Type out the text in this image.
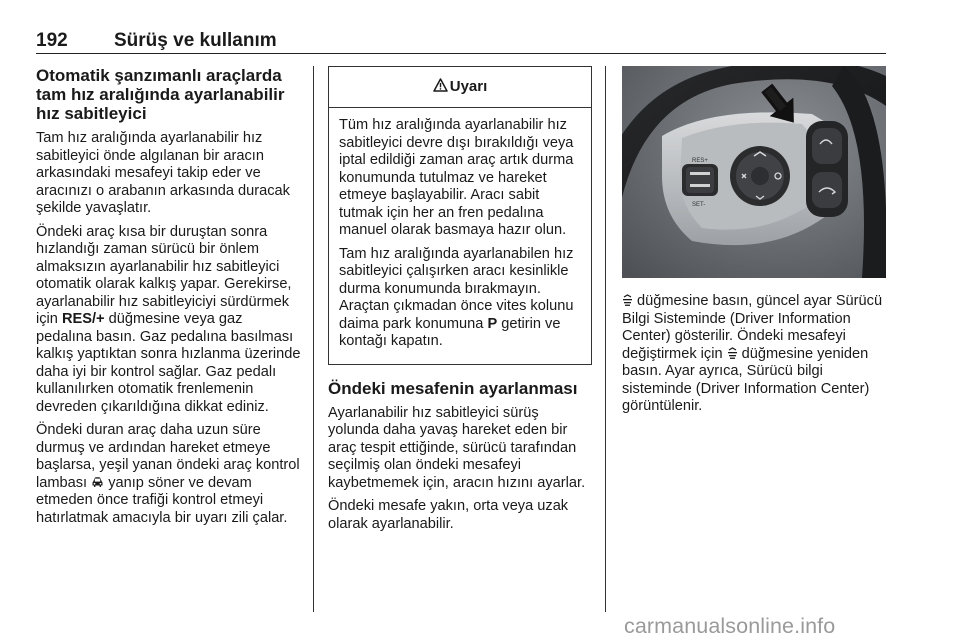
192 Sürüş ve kullanım
Otomatik şanzımanlı araçlarda tam hız aralığında ayarlanabilir hız sabitleyici

Tam hız aralığında ayarlanabilir hız sabitleyici önde algılanan bir aracın arkasındaki mesafeyi takip eder ve aracınızı o arabanın arkasında duracak şekilde yavaşlatır.

Öndeki araç kısa bir duruştan sonra hızlandığı zaman sürücü bir önlem almaksızın ayarlanabilir hız sabitleyici otomatik olarak kalkış yapar. Gerekirse, ayarlanabilir hız sabitleyiciyi sürdürmek için RES/+ düğmesine veya gaz pedalına basın. Gaz pedalına basılması kalkış yaptıktan sonra hızlanma üzerinde daha iyi bir kontrol sağlar. Gaz pedalı kullanılırken otomatik frenlemenin devreden çıkarıldığına dikkat ediniz.

Öndeki duran araç daha uzun süre durmuş ve ardından hareket etmeye başlarsa, yeşil yanan öndeki araç kontrol lambası  yanıp söner ve devam etmeden önce trafiği kontrol etmeyi hatırlatmak amacıyla bir uyarı zili çalar.

Uyarı

Tüm hız aralığında ayarlanabilir hız sabitleyici devre dışı bırakıldığı veya iptal edildiği zaman araç artık durma konumunda tutulmaz ve hareket etmeye başlayabilir. Aracı sabit tutmak için her an fren pedalına manuel olarak basmaya hazır olun.

Tam hız aralığında ayarlanabilen hız sabitleyici çalışırken aracı kesinlikle durma konumunda bırakmayın. Araçtan çıkmadan önce vites kolunu daima park konumuna P getirin ve kontağı kapatın.

Öndeki mesafenin ayarlanması

Ayarlanabilir hız sabitleyici sürüş yolunda daha yavaş hareket eden bir araç tespit ettiğinde, sürücü tarafından seçilmiş olan öndeki mesafeyi kaybetmemek için, aracın hızını ayarlar.

Öndeki mesafe yakın, orta veya uzak olarak ayarlanabilir.

RES+
SET-

düğmesine basın, güncel ayar Sürücü Bilgi Sisteminde (Driver Information Center) gösterilir. Öndeki mesafeyi değiştirmek için  düğmesine yeniden basın. Ayar ayrıca, Sürücü bilgi sisteminde (Driver Information Center) görüntülenir.

carmanualsonline.info
